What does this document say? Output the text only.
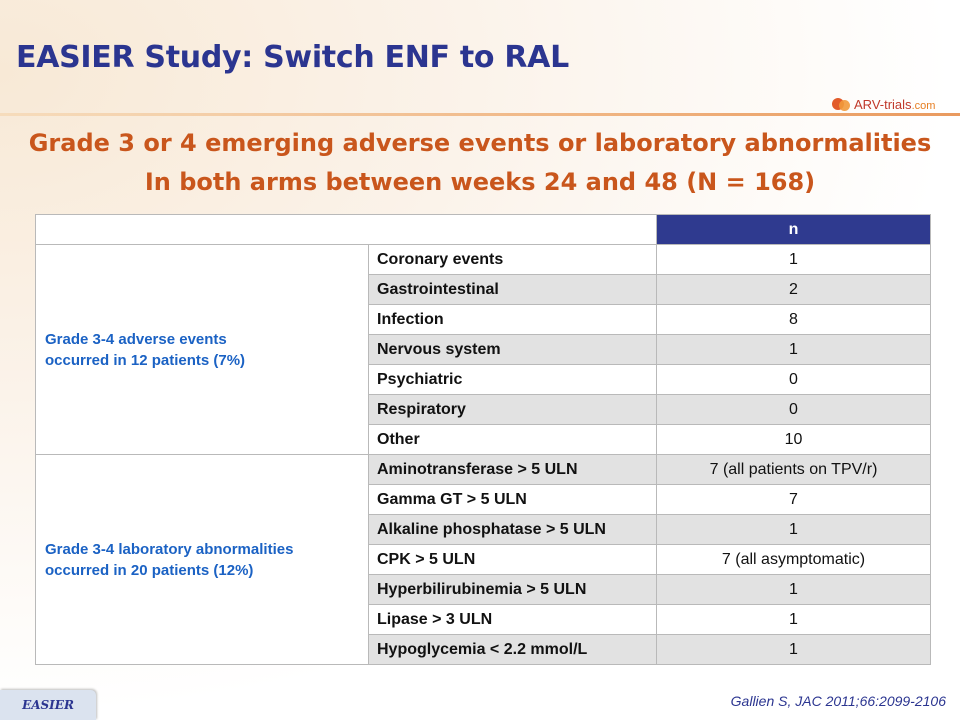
EASIER Study: Switch ENF to RAL
ARV-trials.com
Grade 3 or 4 emerging adverse events or laboratory abnormalities
In both arms between weeks 24 and 48 (N = 168)
		n

Grade 3-4 adverse events
occurred in 12 patients (7%)	Coronary events	1
	Gastrointestinal	2
	Infection	8
	Nervous system	1
	Psychiatric	0
	Respiratory	0
	Other	10

Grade 3-4 laboratory abnormalities
occurred in 20 patients (12%)	Aminotransferase > 5 ULN	7 (all patients on TPV/r)
	Gamma GT > 5 ULN	7
	Alkaline phosphatase > 5 ULN	1
	CPK > 5 ULN	7 (all asymptomatic)
	Hyperbilirubinemia > 5 ULN	1
	Lipase > 3 ULN	1
	Hypoglycemia < 2.2 mmol/L	1
EASIER	Gallien S, JAC 2011;66:2099-2106
